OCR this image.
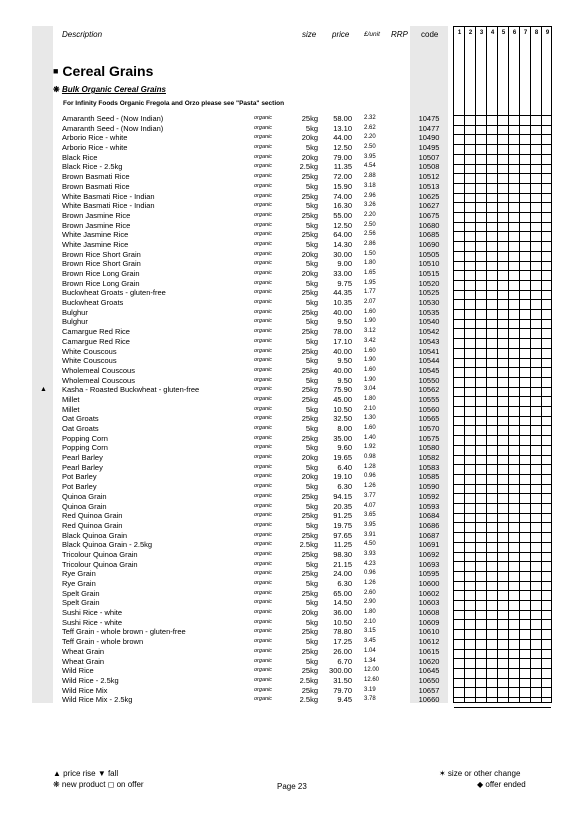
Description	size price £/unit RRP code
■ Cereal Grains
❋ Bulk Organic Cereal Grains
For Infinity Foods Organic Fregola and Orzo please see "Pasta" section
Amaranth Seed - (Now Indian)	organic	25kg	58.00 2.32	10475
Amaranth Seed - (Now Indian)	organic	5kg	13.10 2.62	10477
Arborio Rice - white	organic	20kg	44.00 2.20	10490
Arborio Rice - white	organic	5kg	12.50 2.50	10495
Black Rice	organic	20kg	79.00 3.95	10507
Black Rice - 2.5kg	organic	2.5kg	11.35 4.54	10508
Brown Basmati Rice	organic	25kg	72.00 2.88	10512
Brown Basmati Rice	organic	5kg	15.90 3.18	10513
White Basmati Rice - Indian	organic	25kg	74.00 2.96	10625
White Basmati Rice - Indian	organic	5kg	16.30 3.26	10627
Brown Jasmine Rice	organic	25kg	55.00 2.20	10675
Brown Jasmine Rice	organic	5kg	12.50 2.50	10680
White Jasmine Rice	organic	25kg	64.00 2.56	10685
White Jasmine Rice	organic	5kg	14.30 2.86	10690
Brown Rice Short Grain	organic	20kg	30.00 1.50	10505
Brown Rice Short Grain	organic	5kg	9.00 1.80	10510
Brown Rice Long Grain	organic	20kg	33.00 1.65	10515
Brown Rice Long Grain	organic	5kg	9.75 1.95	10520
Buckwheat Groats - gluten-free	organic	25kg	44.35 1.77	10525
Buckwheat Groats	organic	5kg	10.35 2.07	10530
Bulghur	organic	25kg	40.00 1.60	10535
Bulghur	organic	5kg	9.50 1.90	10540
Camargue Red Rice	organic	25kg	78.00 3.12	10542
Camargue Red Rice	organic	5kg	17.10 3.42	10543
White Couscous	organic	25kg	40.00 1.60	10541
White Couscous	organic	5kg	9.50 1.90	10544
Wholemeal Couscous	organic	25kg	40.00 1.60	10545
Wholemeal Couscous	organic	5kg	9.50 1.90	10550
▲ Kasha - Roasted Buckwheat - gluten-free	organic	25kg	75.90 3.04	10562
Millet	organic	25kg	45.00 1.80	10555
Millet	organic	5kg	10.50 2.10	10560
Oat Groats	organic	25kg	32.50 1.30	10565
Oat Groats	organic	5kg	8.00 1.60	10570
Popping Corn	organic	25kg	35.00 1.40	10575
Popping Corn	organic	5kg	9.60 1.92	10580
Pearl Barley	organic	20kg	19.65 0.98	10582
Pearl Barley	organic	5kg	6.40 1.28	10583
Pot Barley	organic	20kg	19.10 0.96	10585
Pot Barley	organic	5kg	6.30 1.26	10590
Quinoa Grain	organic	25kg	94.15 3.77	10592
Quinoa Grain	organic	5kg	20.35 4.07	10593
Red Quinoa Grain	organic	25kg	91.25 3.65	10684
Red Quinoa Grain	organic	5kg	19.75 3.95	10686
Black Quinoa Grain	organic	25kg	97.65 3.91	10687
Black Quinoa Grain - 2.5kg	organic	2.5kg	11.25 4.50	10691
Tricolour Quinoa Grain	organic	25kg	98.30 3.93	10692
Tricolour Quinoa Grain	organic	5kg	21.15 4.23	10693
Rye Grain	organic	25kg	24.00 0.96	10595
Rye Grain	organic	5kg	6.30 1.26	10600
Spelt Grain	organic	25kg	65.00 2.60	10602
Spelt Grain	organic	5kg	14.50 2.90	10603
Sushi Rice - white	organic	20kg	36.00 1.80	10608
Sushi Rice - white	organic	5kg	10.50 2.10	10609
Teff Grain - whole brown - gluten-free	organic	25kg	78.80 3.15	10610
Teff Grain - whole brown	organic	5kg	17.25 3.45	10612
Wheat Grain	organic	25kg	26.00 1.04	10615
Wheat Grain	organic	5kg	6.70 1.34	10620
Wild Rice	organic	25kg	300.00 12.00	10645
Wild Rice - 2.5kg	organic	2.5kg	31.50 12.60	10650
Wild Rice Mix	organic	25kg	79.70 3.19	10657
Wild Rice Mix - 2.5kg	organic	2.5kg	9.45 3.78	10660
1	2	3	4	5	6	7	8	9
▲ price rise ▼ fall
❋ new product ◻ on offer	Page 23
✶ size or other change
◆ offer ended
